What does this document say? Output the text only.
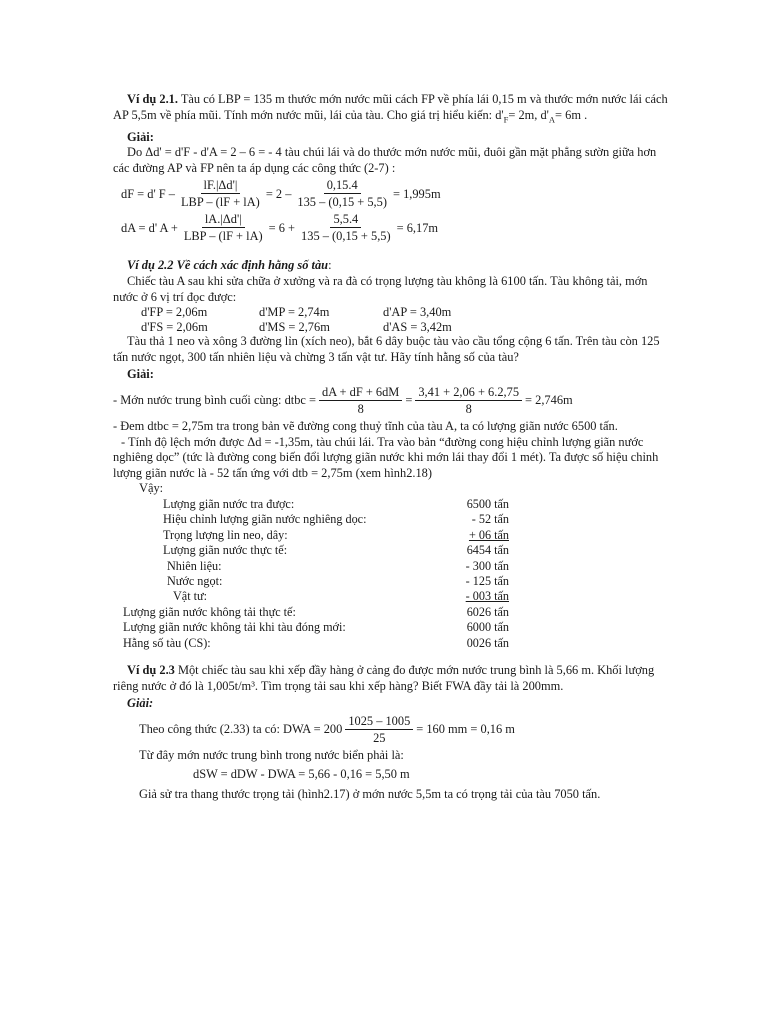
Ví dụ 2.1. Tàu có LBP = 135 m thước mớn nước mũi cách FP về phía lái 0,15 m và thước mớn nước lái cách AP 5,5m về phía mũi. Tính mớn nước mũi, lái của tàu. Cho giá trị hiểu kiến: $d'_F= 2m$, $d'_A= 6m$ .

Giải:

Do Δd' = d'F - d'A = 2 – 6 = - 4 tàu chúi lái và do thước mớn nước mũi, đuôi gần mặt phẳng sườn giữa hơn các đường AP và FP nên ta áp dụng các công thức (2-7) :

dF = d' $F - \frac{lF.|\Delta d'|}{\text{LBP – (lF + lA)}} = 2 - \frac{0,15.4}{135 - (0,15 + 5,5)} = 1,995m$
dA = d' $A + \frac{lA.|\Delta d'|}{\text{LBP – (lF + lA)}} = 6 + \frac{5,5.4}{135 - (0,15 + 5,5)} = 6,17m$

Ví dụ 2.2 Về cách xác định hằng số tàu:

Chiếc tàu A sau khi sửa chữa ở xưởng và ra đà có trọng lượng tàu không là 6100 tấn. Tàu không tải, mớn nước ở 6 vị trí đọc được:

d'FP = 2,06m	d'MP = 2,74m	d'AP = 3,40m
d'FS = 2,06m	d'MS = 2,76m	d'AS = 3,42m

Tàu thả 1 neo và xông 3 đường lỉn (xích neo), bắt 6 dây buộc tàu vào cầu tổng cộng 6 tấn. Trên tàu còn 125 tấn nước ngọt, 300 tấn nhiên liệu và chừng 3 tấn vật tư. Hãy tính hằng số của tàu?

Giải:

- Mớn nước trung bình cuối cùng: dtbc = $\frac{dA + dF + 6dM}{8} = \frac{3,41 + 2,06 + 6.2,75}{8} = 2,746m$

- Đem dtbc = 2,75m tra trong bản vẽ đường cong thuỷ tĩnh của tàu A, ta có lượng giãn nước 6500 tấn.

- Tính độ lệch mớn được Δd = -1,35m, tàu chúi lái. Tra vào bản “đường cong hiệu chỉnh lượng giãn nước nghiêng dọc” (tức là đường cong biến đổi lượng giãn nước khi mớn lái thay đổi 1 mét). Ta được số hiệu chỉnh lượng giãn nước là - 52 tấn ứng với dtb = 2,75m (xem hình2.18)

Vậy:

Lượng giãn nước tra được:	6500 tấn
Hiệu chỉnh lượng giãn nước nghiêng dọc:	- 52 tấn
Trọng lượng lỉn neo, dây:	+ 06 tấn
Lượng giãn nước thực tế:	6454 tấn
Nhiên liệu:	- 300 tấn
Nước ngọt:	- 125 tấn
Vật tư:	- 003 tấn
Lượng giãn nước không tải thực tế:	6026 tấn
Lượng giãn nước không tải khi tàu đóng mới:	6000 tấn
Hằng số tàu (CS):	0026 tấn

Ví dụ 2.3 Một chiếc tàu sau khi xếp đầy hàng ở cảng đo được mớn nước trung bình là 5,66 m. Khối lượng riêng nước ở đó là 1,005t/m³. Tìm trọng tải sau khi xếp hàng? Biết FWA đầy tải là 200mm.

Giải:

Theo công thức (2.33) ta có: DWA = $200 \frac{1025 - 1005}{25} = 160$ mm = 0,16 m

Từ đây mớn nước trung bình trong nước biển phải là:

dSW = dDW - DWA = 5,66 - 0,16 = 5,50 m

Giả sử tra thang thước trọng tải (hình2.17) ở mớn nước 5,5m ta có trọng tải của tàu 7050 tấn.
